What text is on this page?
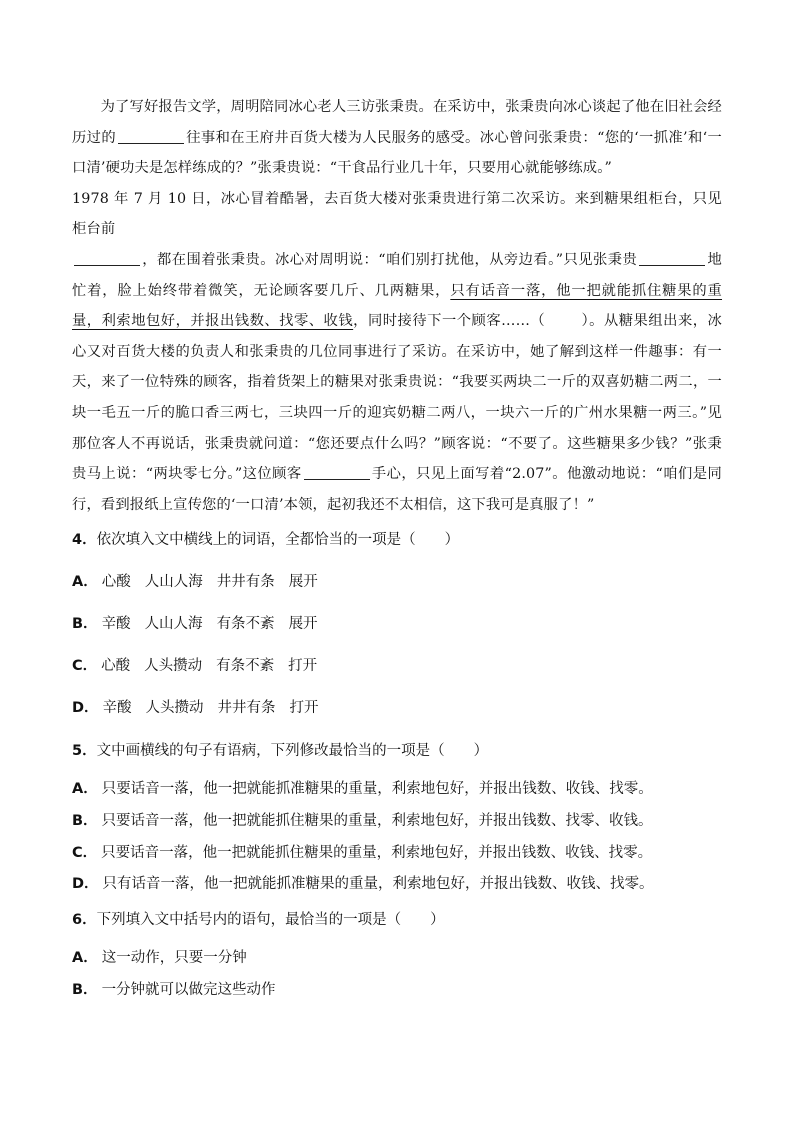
为了写好报告文学，周明陪同冰心老人三访张秉贵。在采访中，张秉贵向冰心谈起了他在旧社会经历过的	往事和在王府井百货大楼为人民服务的感受。冰心曾问张秉贵：“您的‘一抓准’和‘一口清’硬功夫是怎样练成的？”张秉贵说：“干食品行业几十年，只要用心就能够练成。”

1978 年 7 月 10 日，冰心冒着酷暑，去百货大楼对张秉贵进行第二次采访。来到糖果组柜台，只见柜台前
，都在围着张秉贵。冰心对周明说：“咱们别打扰他，从旁边看。”只见张秉贵	地忙着，脸上始终带着微笑，无论顾客要几斤、几两糖果，只有话音一落，他一把就能抓住糖果的重量，利索地包好，并报出钱数、找零、收钱，同时接待下一个顾客……（	）。从糖果组出来，冰心又对百货大楼的负责人和张秉贵的几位同事进行了采访。在采访中，她了解到这样一件趣事：有一天，来了一位特殊的顾客，指着货架上的糖果对张秉贵说：“我要买两块二一斤的双喜奶糖二两二，一块一毛五一斤的脆口香三两七，三块四一斤的迎宾奶糖二两八，一块六一斤的广州水果糖一两三。”见那位客人不再说话，张秉贵就问道：“您还要点什么吗？”顾客说：“不要了。这些糖果多少钱？”张秉贵马上说：“两块零七分。”这位顾客	手心，只见上面写着“2.07”。他激动地说：“咱们是同行，看到报纸上宣传您的‘一口清’本领，起初我还不太相信，这下我可是真服了！”

4．依次填入文中横线上的词语，全都恰当的一项是（　　）
A． 心酸 人山人海 井井有条 展开
B． 辛酸 人山人海 有条不紊 展开
C． 心酸 人头攒动 有条不紊 打开
D． 辛酸 人头攒动 井井有条 打开
5．文中画横线的句子有语病，下列修改最恰当的一项是（　　）
A． 只要话音一落，他一把就能抓准糖果的重量，利索地包好，并报出钱数、收钱、找零。
B． 只要话音一落，他一把就能抓住糖果的重量，利索地包好，并报出钱数、找零、收钱。
C． 只要话音一落，他一把就能抓住糖果的重量，利索地包好，并报出钱数、收钱、找零。
D． 只有话音一落，他一把就能抓准糖果的重量，利索地包好，并报出钱数、收钱、找零。
6．下列填入文中括号内的语句，最恰当的一项是（　　）
A． 这一动作，只要一分钟
B． 一分钟就可以做完这些动作
